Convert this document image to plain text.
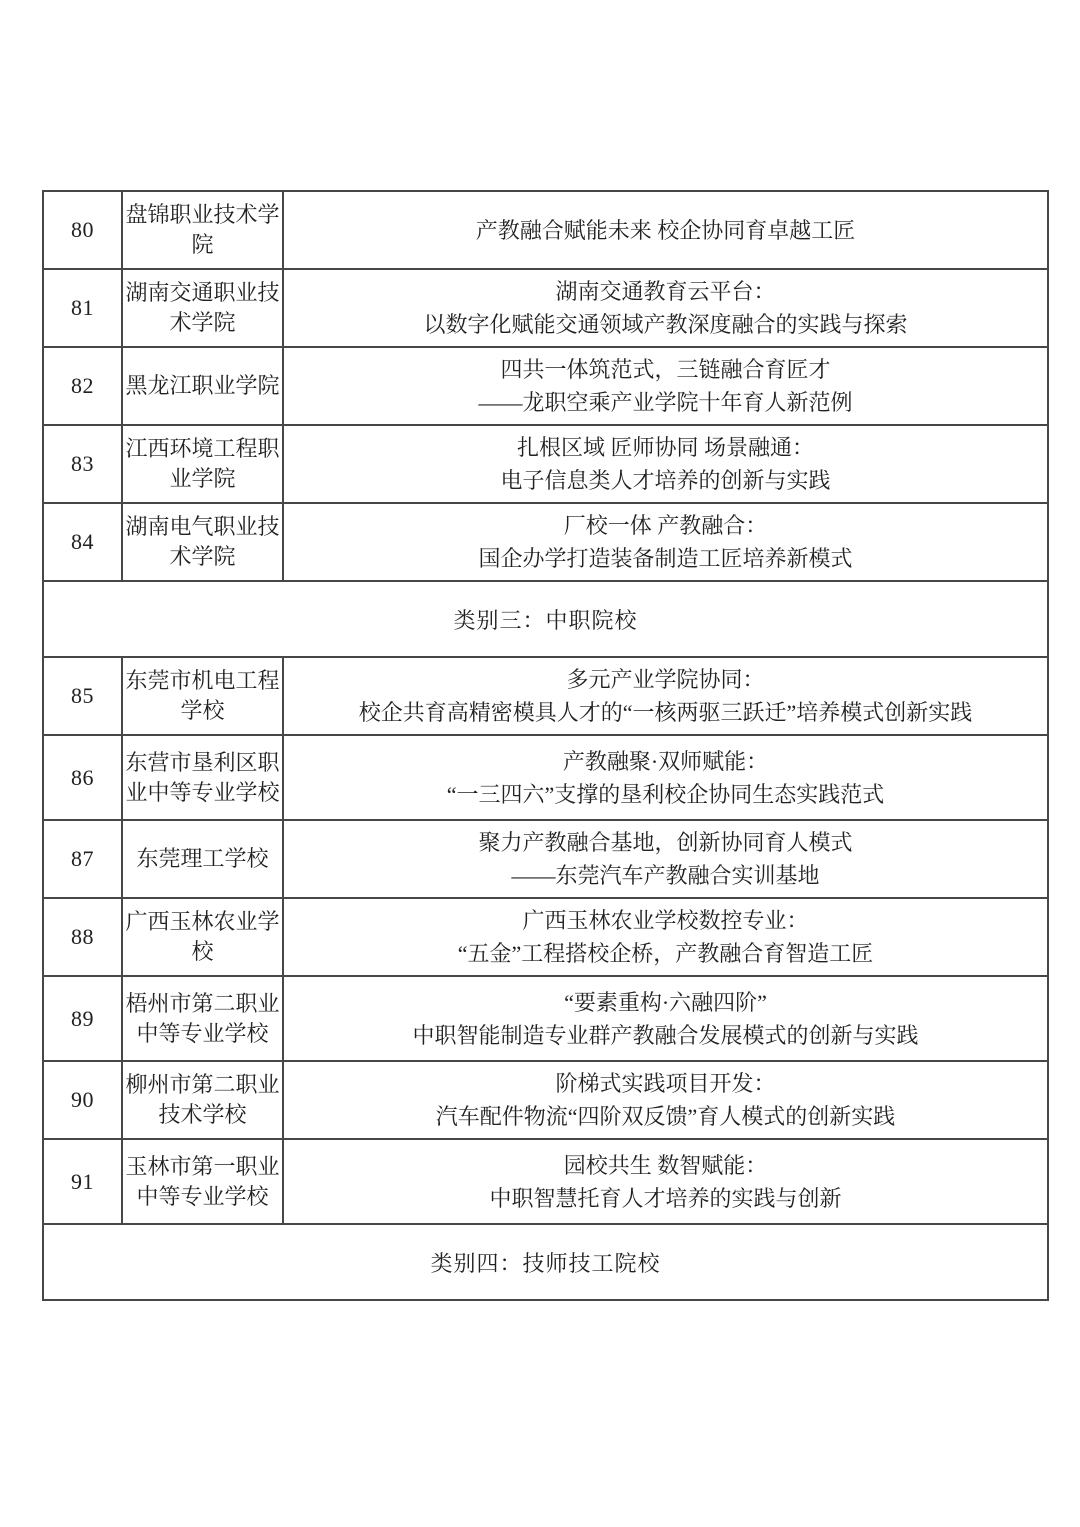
80	盘锦职业技术学院	产教融合赋能未来 校企协同育卓越工匠

81	湖南交通职业技术学院	湖南交通教育云平台：
以数字化赋能交通领域产教深度融合的实践与探索

82	黑龙江职业学院	四共一体筑范式，三链融合育匠才
——龙职空乘产业学院十年育人新范例

83	江西环境工程职业学院	扎根区域 匠师协同 场景融通：
电子信息类人才培养的创新与实践

84	湖南电气职业技术学院	厂校一体 产教融合：
国企办学打造装备制造工匠培养新模式

类别三：中职院校		
85	东莞市机电工程学校	多元产业学院协同：
校企共育高精密模具人才的“一核两驱三跃迁”培养模式创新实践

86	东营市垦利区职业中等专业学校	产教融聚·双师赋能：
“一三四六”支撑的垦利校企协同生态实践范式

87	东莞理工学校	聚力产教融合基地，创新协同育人模式
——东莞汽车产教融合实训基地

88	广西玉林农业学校	广西玉林农业学校数控专业：
“五金”工程搭校企桥，产教融合育智造工匠

89	梧州市第二职业中等专业学校	“要素重构·六融四阶”
中职智能制造专业群产教融合发展模式的创新与实践

90	柳州市第二职业技术学校	阶梯式实践项目开发：
汽车配件物流“四阶双反馈”育人模式的创新实践

91	玉林市第一职业中等专业学校	园校共生 数智赋能：
中职智慧托育人才培养的实践与创新

类别四：技师技工院校		
